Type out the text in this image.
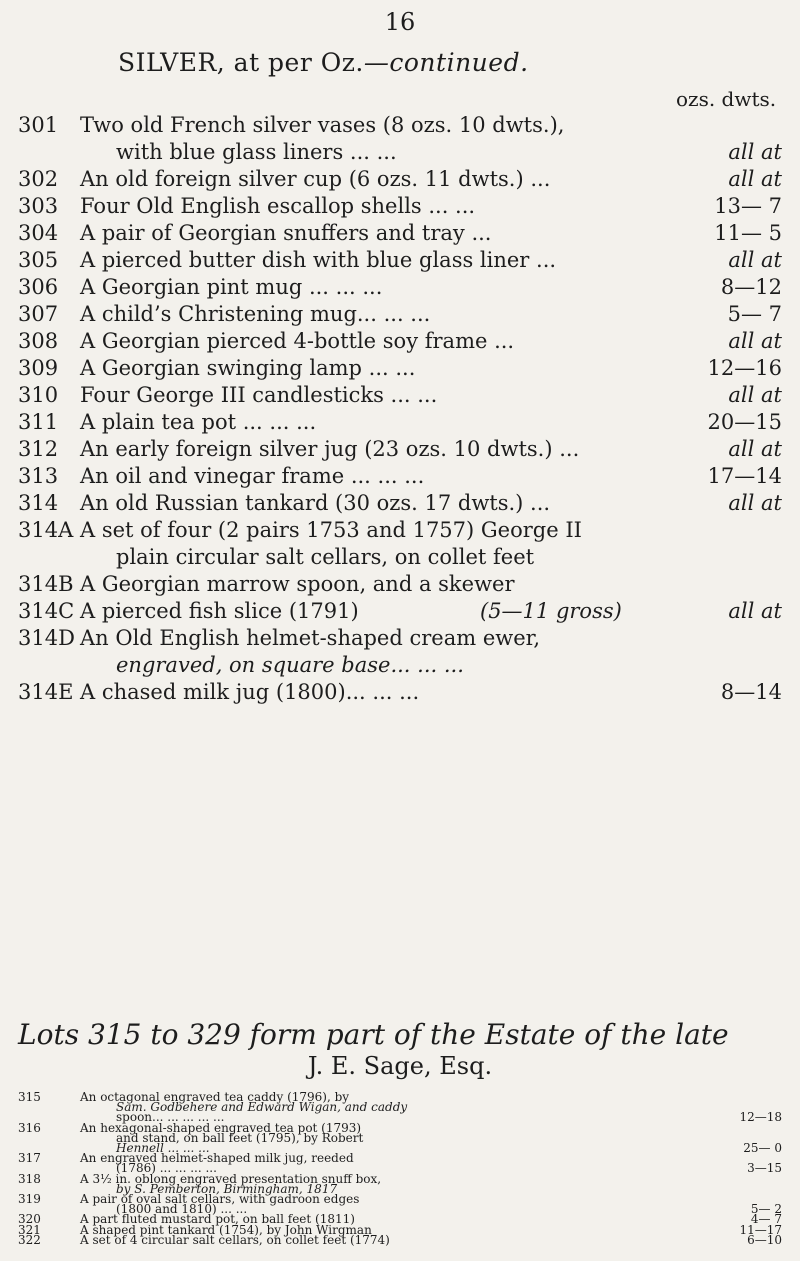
16
SILVER, at per Oz.—continued.
ozs. dwts.
301	Two old French silver vases (8 ozs. 10 dwts.),
with blue glass liners ... ...	all at
302	An old foreign silver cup (6 ozs. 11 dwts.) ...	all at
303	Four Old English escallop shells ... ...	13— 7
304	A pair of Georgian snuffers and tray ...	11— 5
305	A pierced butter dish with blue glass liner ...	all at
306	A Georgian pint mug ... ... ...	8—12
307	A child’s Christening mug... ... ...	5— 7
308	A Georgian pierced 4-bottle soy frame ...	all at
309	A Georgian swinging lamp ... ...	12—16
310	Four George III candlesticks ... ...	all at
311	A plain tea pot ... ... ...	20—15
312	An early foreign silver jug (23 ozs. 10 dwts.) ...	all at
313	An oil and vinegar frame ... ... ...	17—14
314	An old Russian tankard (30 ozs. 17 dwts.) ...	all at
314A A set of four (2 pairs 1753 and 1757) George II
plain circular salt cellars, on collet feet
314B A Georgian marrow spoon, and a skewer
314C A pierced fish slice (1791)	(5—11 gross)	all at
314D An Old English helmet-shaped cream ewer,
engraved, on square base... ... ...
314E A chased milk jug (1800)... ... ...	8—14
Lots 315 to 329 form part of the Estate of the late
J. E. Sage, Esq.
315	An octagonal engraved tea caddy (1796), by
Sam. Godbehere and Edward Wigan, and caddy
spoon... ... ... ... ...	12—18
316	An hexagonal-shaped engraved tea pot (1793)
and stand, on ball feet (1795), by Robert
Hennell ... ... ...	25— 0
317	An engraved helmet-shaped milk jug, reeded
(1786) ... ... ... ...	3—15
318	A 3½ in. oblong engraved presentation snuff box,
by S. Pemberton, Birmingham, 1817
319	A pair of oval salt cellars, with gadroon edges
(1800 and 1810) ... ...	5— 2
320	A part fluted mustard pot, on ball feet (1811)	4— 7
321	A shaped pint tankard (1754), by John Wirgman	11—17
322	A set of 4 circular salt cellars, on collet feet (1774)	6—10
